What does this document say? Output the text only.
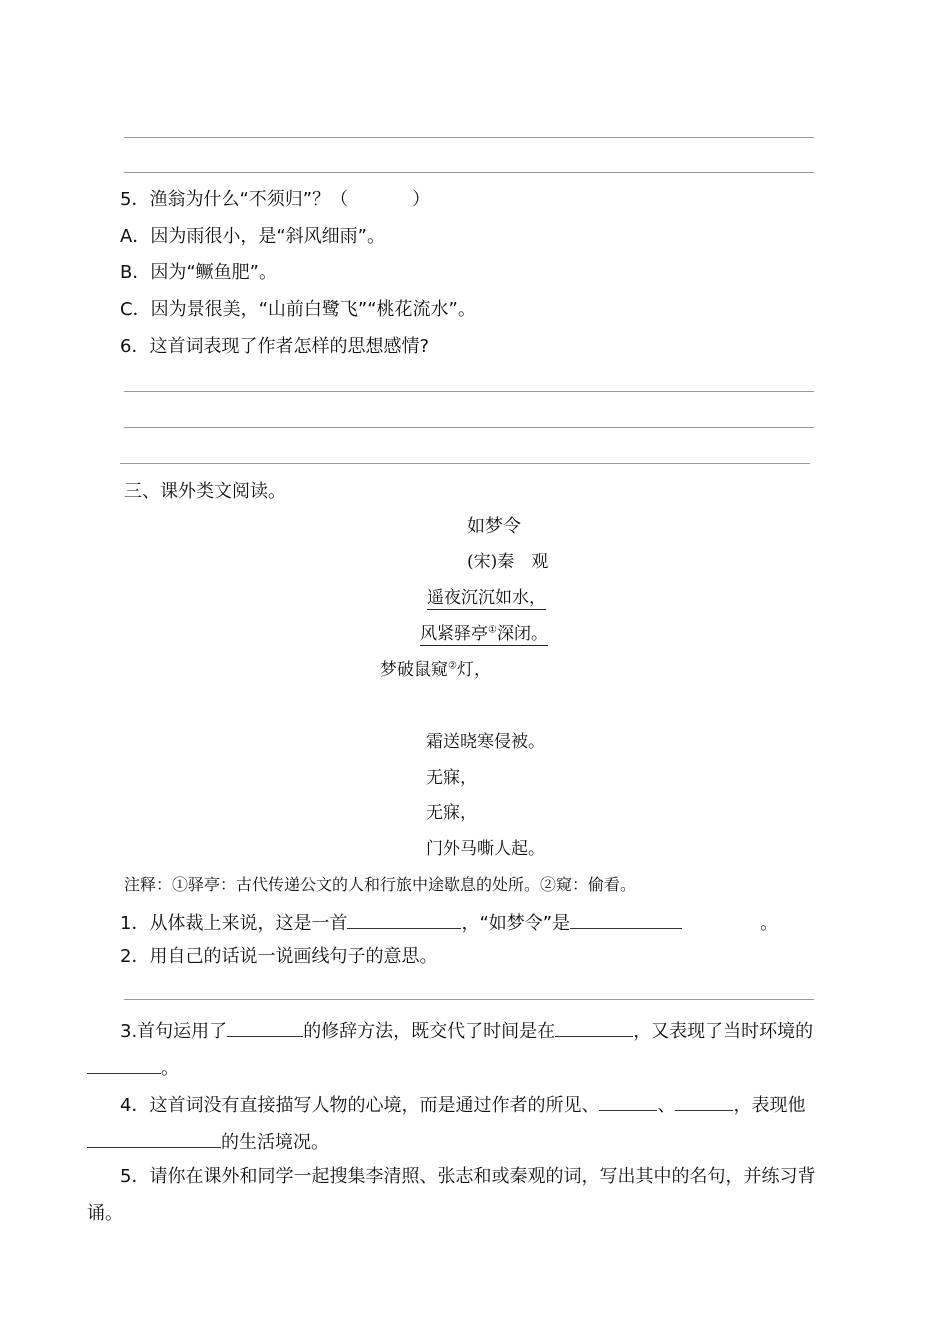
5．渔翁为什么“不须归”？（	）
A．因为雨很小，是“斜风细雨”。
B．因为“鳜鱼肥”。
C．因为景很美，“山前白鹭飞”“桃花流水”。
6．这首词表现了作者怎样的思想感情?
三、课外类文阅读。
如梦令
(宋)秦　观
遥夜沉沉如水，
风紧驿亭①深闭。
梦破鼠窥②灯，
霜送晓寒侵被。
无寐，
无寐，
门外马嘶人起。
注释：①驿亭：古代传递公文的人和行旅中途歇息的处所。②窥：偷看。
1．从体裁上来说，这是一首	，“如梦令”是	。
2．用自己的话说一说画线句子的意思。
3.首句运用了	的修辞方法，既交代了时间是在	，又表现了当时环境的
。
4．这首词没有直接描写人物的心境，而是通过作者的所见、	、	，表现他
的生活境况。
5．请你在课外和同学一起搜集李清照、张志和或秦观的词，写出其中的名句，并练习背
诵。
